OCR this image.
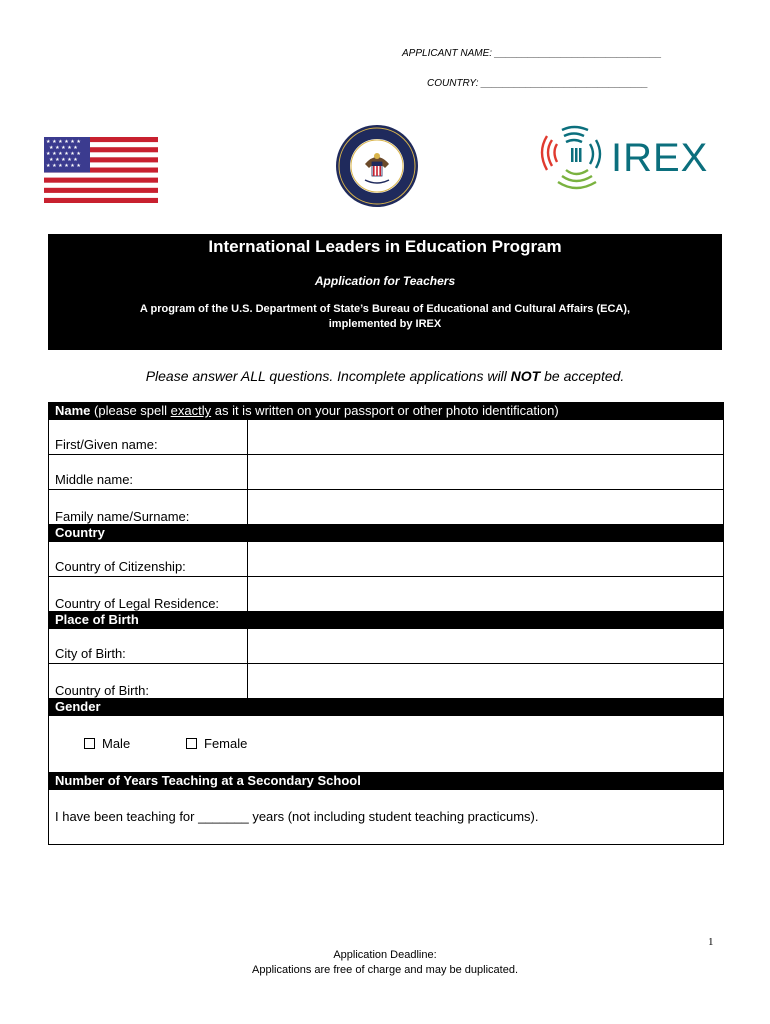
APPLICANT NAME: ______________________________
COUNTRY: ______________________________
★ ★ ★ ★ ★ ★
★ ★ ★ ★ ★
★ ★ ★ ★ ★ ★
★ ★ ★ ★ ★
★ ★ ★ ★ ★ ★	IREX
International Leaders in Education Program
Application for Teachers
A program of the U.S. Department of State’s Bureau of Educational and Cultural Affairs (ECA),
implemented by IREX
Please answer ALL questions. Incomplete applications will NOT be accepted.
Name (please spell exactly as it is written on your passport or other photo identification)
First/Given name:
Middle name:
Family name/Surname:
Country
Country of Citizenship:
Country of Legal Residence:
Place of Birth
City of Birth:
Country of Birth:
Gender
Male	Female
Number of Years Teaching at a Secondary School
I have been teaching for _______ years (not including student teaching practicums).
1
Application Deadline:
Applications are free of charge and may be duplicated.
